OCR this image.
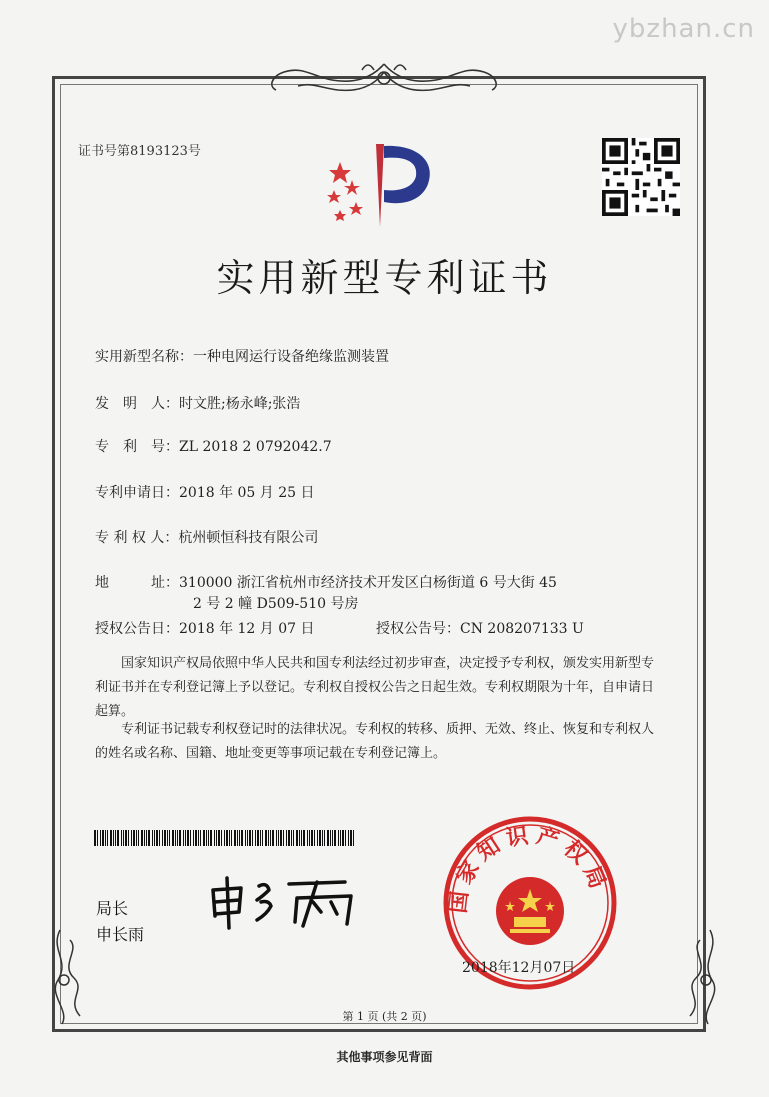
ybzhan.cn
证书号第8193123号
实用新型专利证书
实用新型名称：一种电网运行设备绝缘监测装置
发　明　人：时文胜;杨永峰;张浩
专　利　号：ZL 2018 2 0792042.7
专利申请日：2018 年 05 月 25 日
专 利 权 人：杭州顿恒科技有限公司
地　　　址：310000 浙江省杭州市经济技术开发区白杨街道 6 号大街 45
2 号 2 幢 D509-510 号房
授权公告日：2018 年 12 月 07 日	授权公告号：CN 208207133 U
国家知识产权局依照中华人民共和国专利法经过初步审查，决定授予专利权，颁发实用新型专利证书并在专利登记簿上予以登记。专利权自授权公告之日起生效。专利权期限为十年，自申请日起算。
专利证书记载专利权登记时的法律状况。专利权的转移、质押、无效、终止、恢复和专利权人的姓名或名称、国籍、地址变更等事项记载在专利登记簿上。
局长
申长雨
国家知识产权局
2018年12月07日
第 1 页 (共 2 页)
其他事项参见背面
